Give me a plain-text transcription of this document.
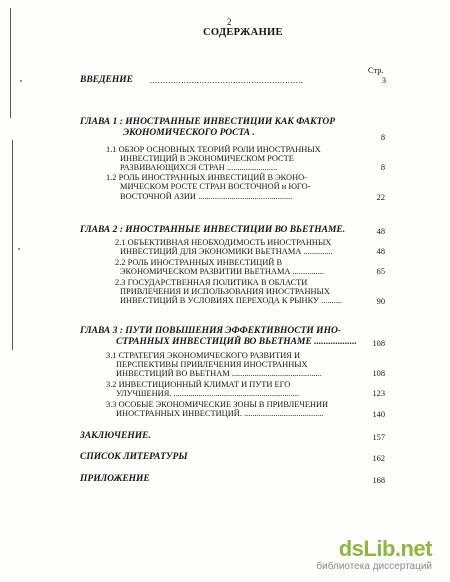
2
СОДЕРЖАНИЕ
Стр.
ВВЕДЕНИЕ ...........................................................	3
ГЛАВА 1 : ИНОСТРАННЫЕ ИНВЕСТИЦИИ КАК ФАКТОР
ЭКОНОМИЧЕСКОГО РОСТА .	8
1.1 ОБЗОР ОСНОВНЫХ ТЕОРИЙ РОЛИ ИНОСТРАННЫХ
ИНВЕСТИЦИЙ В ЭКОНОМИЧЕСКОМ РОСТЕ
РАЗВИВАЮЩИХСЯ СТРАН ........................	8
1.2 РОЛЬ ИНОСТРАННЫХ ИНВЕСТИЦИЙ В ЭКОНО-
МИЧЕСКОМ РОСТЕ СТРАН ВОСТОЧНОЙ и ЮГО-
ВОСТОЧНОЙ АЗИИ .............................................	22
ГЛАВА 2 : ИНОСТРАННЫЕ ИНВЕСТИЦИИ ВО ВЬЕТНАМЕ.	48
2.1 ОБЪЕКТИВНАЯ НЕОБХОДИМОСТЬ ИНОСТРАННЫХ
ИНВЕСТИЦИЙ ДЛЯ ЭКОНОМИКИ ВЬЕТНАМА ..............	48
2.2 РОЛЬ ИНОСТРАННЫХ ИНВЕСТИЦИЙ В
ЭКОНОМИЧЕСКОМ РАЗВИТИИ ВЬЕТНАМА ...............	65
2.3 ГОСУДАРСТВЕННАЯ ПОЛИТИКА В ОБЛАСТИ
ПРИВЛЕЧЕНИЯ И ИСПОЛЬЗОВАНИЯ ИНОСТРАННЫХ
ИНВЕСТИЦИЙ В УСЛОВИЯХ ПЕРЕХОДА К РЫНКУ ..........	90
ГЛАВА 3 : ПУТИ ПОВЫШЕНИЯ ЭФФЕКТИВНОСТИ ИНО-
СТРАННЫХ ИНВЕСТИЦИЙ ВО ВЬЕТНАМЕ ..................	108
3.1 СТРАТЕГИЯ ЭКОНОМИЧЕСКОГО РАЗВИТИЯ И
ПЕРСПЕКТИВЫ ПРИВЛЕЧЕНИЯ ИНОСТРАННЫХ
ИНВЕСТИЦИЙ ВО ВЬЕТНАМ ...........................................	108
3.2 ИНВЕСТИЦИОННЫЙ КЛИМАТ И ПУТИ ЕГО
УЛУЧШЕНИЯ. ............................................................	123
3.3 ОСОБЫЕ ЭКОНОМИЧЕСКИЕ ЗОНЫ В ПРИВЛЕЧЕНИИ
ИНОСТРАННЫХ ИНВЕСТИЦИЙ. ......................................	140
ЗАКЛЮЧЕНИЕ.	157
СПИСОК ЛИТЕРАТУРЫ	162
ПРИЛОЖЕНИЕ	168
dsLib.net
библиотека диссертаций
